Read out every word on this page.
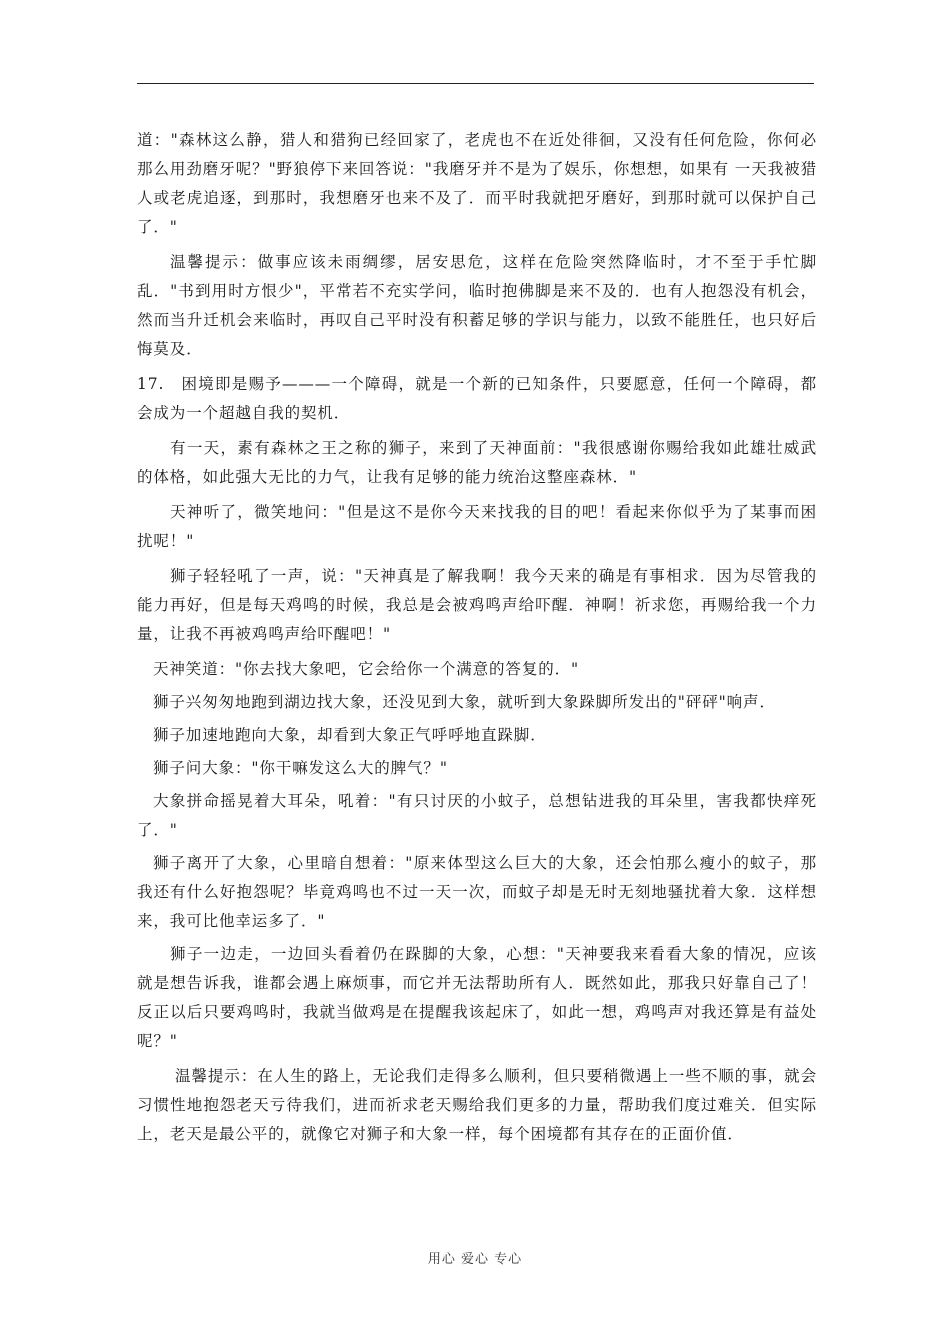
道："森林这么静，猎人和猎狗已经回家了，老虎也不在近处徘徊，又没有任何危险，你何必那么用劲磨牙呢？"野狼停下来回答说："我磨牙并不是为了娱乐，你想想，如果有 一天我被猎人或老虎追逐，到那时，我想磨牙也来不及了．而平时我就把牙磨好，到那时就可以保护自己了．"

温馨提示：做事应该未雨绸缪，居安思危，这样在危险突然降临时，才不至于手忙脚乱．"书到用时方恨少"，平常若不充实学问，临时抱佛脚是来不及的．也有人抱怨没有机会，然而当升迁机会来临时，再叹自己平时没有积蓄足够的学识与能力，以致不能胜任，也只好后悔莫及．

17.　困境即是赐予———一个障碍，就是一个新的已知条件，只要愿意，任何一个障碍，都会成为一个超越自我的契机．

有一天，素有森林之王之称的狮子，来到了天神面前："我很感谢你赐给我如此雄壮威武的体格，如此强大无比的力气，让我有足够的能力统治这整座森林．"

天神听了，微笑地问："但是这不是你今天来找我的目的吧！看起来你似乎为了某事而困扰呢！"

狮子轻轻吼了一声，说："天神真是了解我啊！我今天来的确是有事相求．因为尽管我的能力再好，但是每天鸡鸣的时候，我总是会被鸡鸣声给吓醒．神啊！祈求您，再赐给我一个力量，让我不再被鸡鸣声给吓醒吧！"

天神笑道："你去找大象吧，它会给你一个满意的答复的．"

狮子兴匆匆地跑到湖边找大象，还没见到大象，就听到大象跺脚所发出的"砰砰"响声．

狮子加速地跑向大象，却看到大象正气呼呼地直跺脚．

狮子问大象："你干嘛发这么大的脾气？"

大象拼命摇晃着大耳朵，吼着："有只讨厌的小蚊子，总想钻进我的耳朵里，害我都快痒死了．"

狮子离开了大象，心里暗自想着："原来体型这么巨大的大象，还会怕那么瘦小的蚊子，那我还有什么好抱怨呢？毕竟鸡鸣也不过一天一次，而蚊子却是无时无刻地骚扰着大象．这样想来，我可比他幸运多了．"

狮子一边走，一边回头看着仍在跺脚的大象，心想："天神要我来看看大象的情况，应该就是想告诉我，谁都会遇上麻烦事，而它并无法帮助所有人．既然如此，那我只好靠自己了！反正以后只要鸡鸣时，我就当做鸡是在提醒我该起床了，如此一想，鸡鸣声对我还算是有益处呢？"

温馨提示：在人生的路上，无论我们走得多么顺利，但只要稍微遇上一些不顺的事，就会习惯性地抱怨老天亏待我们，进而祈求老天赐给我们更多的力量，帮助我们度过难关．但实际上，老天是最公平的，就像它对狮子和大象一样，每个困境都有其存在的正面价值．

用心 爱心 专心
